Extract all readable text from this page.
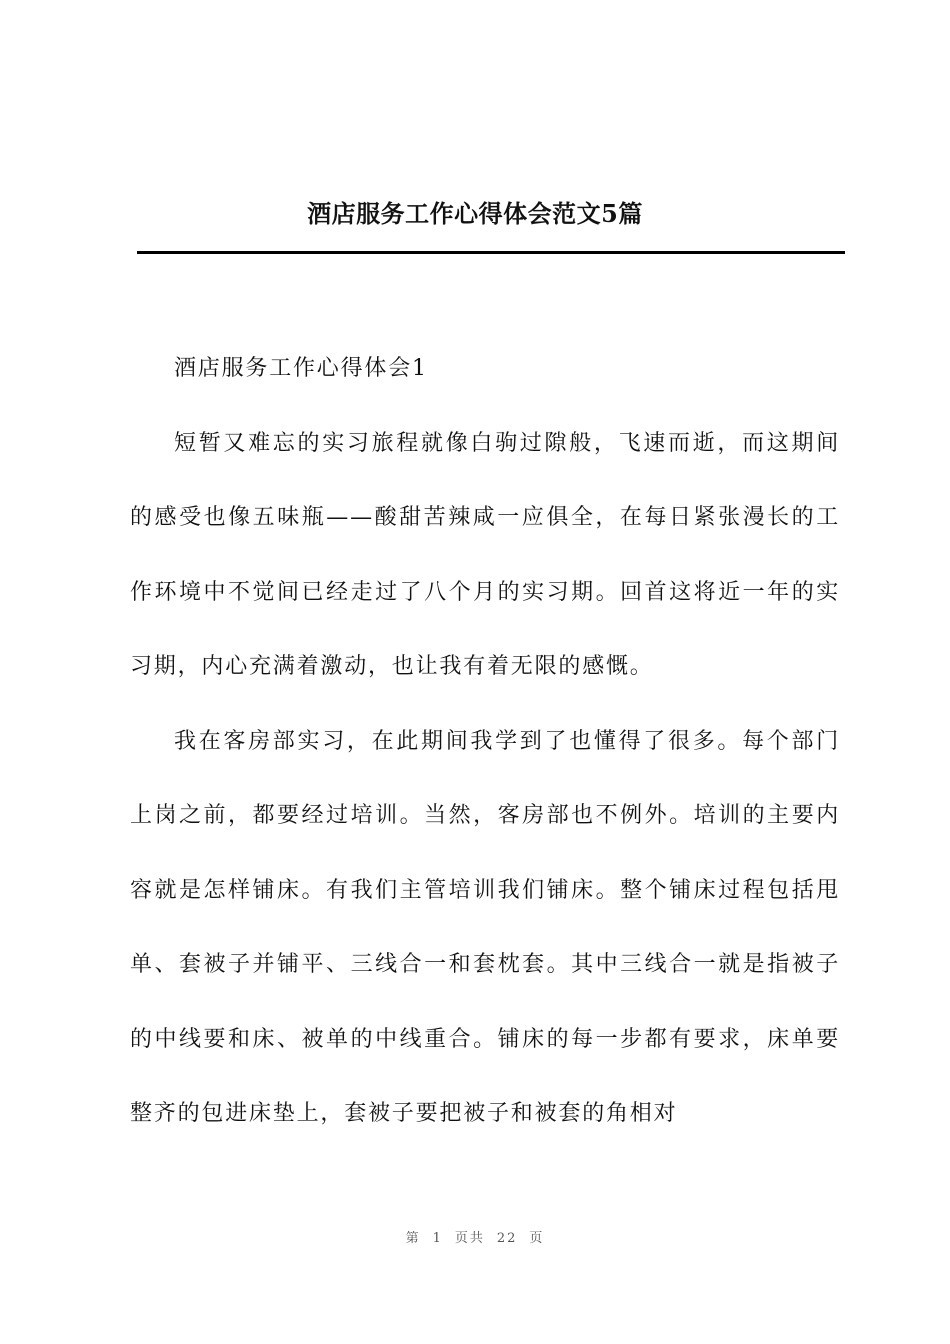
酒店服务工作心得体会范文5篇

酒店服务工作心得体会1

短暂又难忘的实习旅程就像白驹过隙般，飞速而逝，而这期间的感受也像五味瓶——酸甜苦辣咸一应俱全，在每日紧张漫长的工作环境中不觉间已经走过了八个月的实习期。回首这将近一年的实习期，内心充满着激动，也让我有着无限的感慨。

我在客房部实习，在此期间我学到了也懂得了很多。每个部门上岗之前，都要经过培训。当然，客房部也不例外。培训的主要内容就是怎样铺床。有我们主管培训我们铺床。整个铺床过程包括甩单、套被子并铺平、三线合一和套枕套。其中三线合一就是指被子的中线要和床、被单的中线重合。铺床的每一步都有要求，床单要整齐的包进床垫上，套被子要把被子和被套的角相对

第 1 页共 22 页
